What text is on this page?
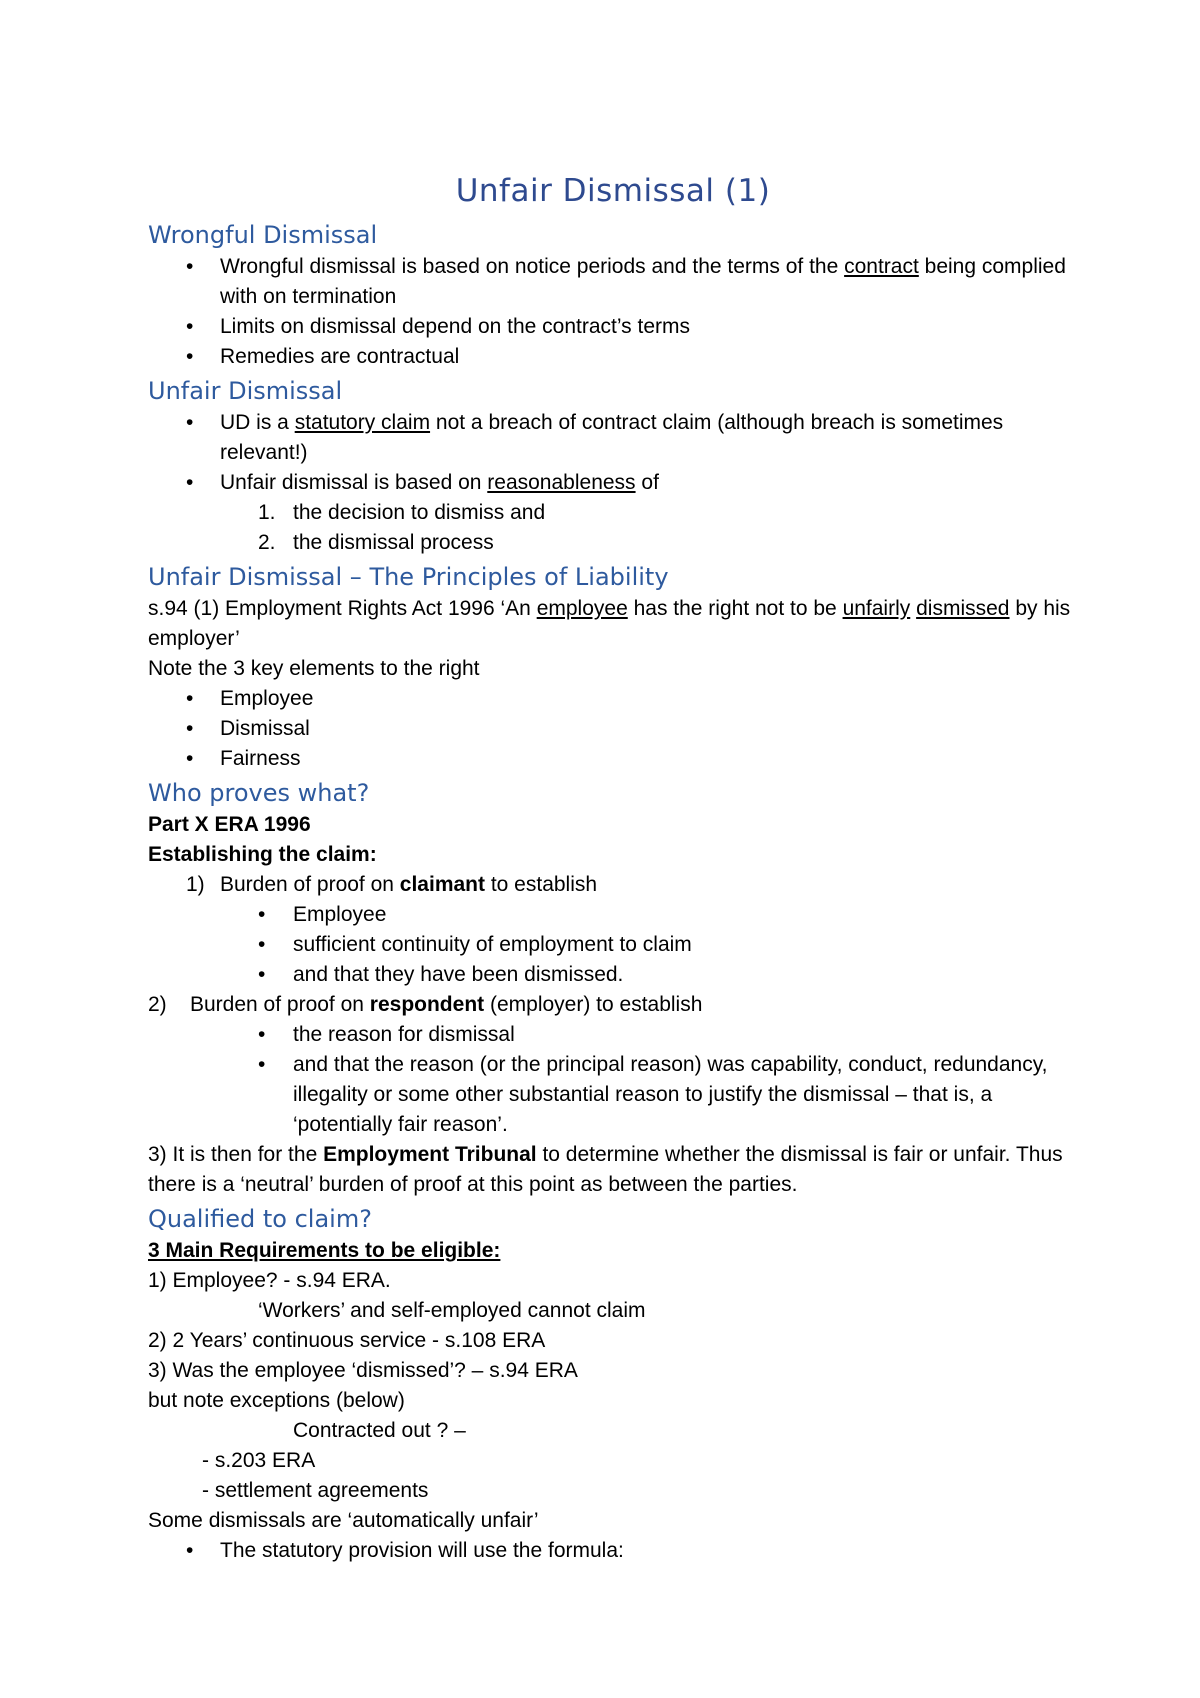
Unfair Dismissal (1)
Wrongful Dismissal
• Wrongful dismissal is based on notice periods and the terms of the contract being complied with on termination
• Limits on dismissal depend on the contract’s terms
• Remedies are contractual
Unfair Dismissal
• UD is a statutory claim not a breach of contract claim (although breach is sometimes relevant!)
• Unfair dismissal is based on reasonableness of
1. the decision to dismiss and
2. the dismissal process
Unfair Dismissal – The Principles of Liability

s.94 (1) Employment Rights Act 1996 ‘An employee has the right not to be unfairly dismissed by his employer’

Note the 3 key elements to the right

• Employee
• Dismissal
• Fairness
Who proves what?

Part X ERA 1996

Establishing the claim:

1) Burden of proof on claimant to establish
• Employee
• sufficient continuity of employment to claim
• and that they have been dismissed.
2) Burden of proof on respondent (employer) to establish
• the reason for dismissal
• and that the reason (or the principal reason) was capability, conduct, redundancy, illegality or some other substantial reason to justify the dismissal – that is, a ‘potentially fair reason’.

3) It is then for the Employment Tribunal to determine whether the dismissal is fair or unfair. Thus there is a ‘neutral’ burden of proof at this point as between the parties.

Qualified to claim?

3 Main Requirements to be eligible:

1) Employee? - s.94 ERA.

‘Workers’ and self-employed cannot claim

2) 2 Years’ continuous service - s.108 ERA

3) Was the employee ‘dismissed’? – s.94 ERA

but note exceptions (below)

Contracted out ? –

- s.203 ERA

- settlement agreements

Some dismissals are ‘automatically unfair’

• The statutory provision will use the formula:
